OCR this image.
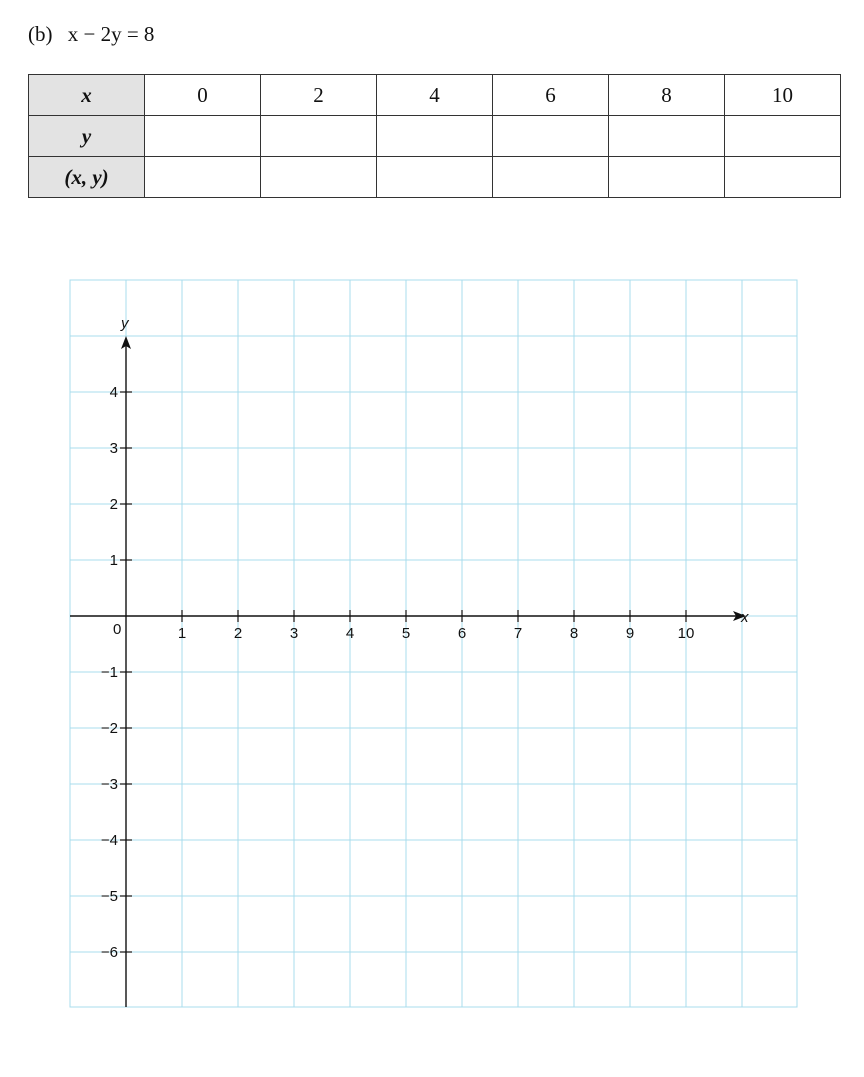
(b) x − 2y = 8
x	0	2	4	6	8	10
y						
(x, y)						
x
y
0	1	2	3	4	5	6	7	8	9	10
4
3
2
1
−1
−2
−3
−4
−5
−6
